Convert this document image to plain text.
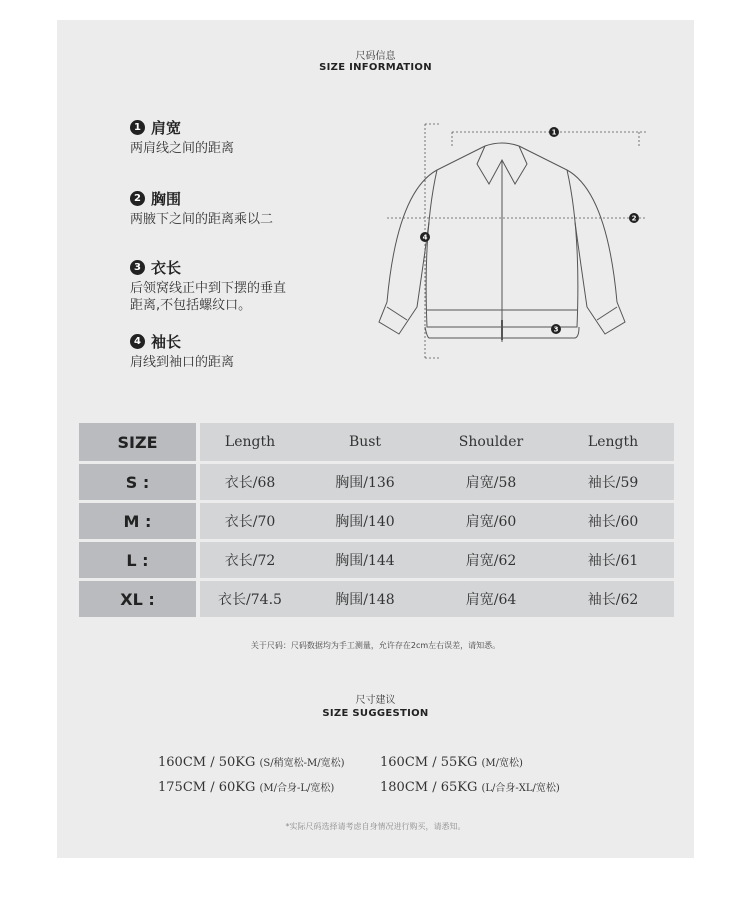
尺码信息
SIZE INFORMATION
1 肩宽
两肩线之间的距离
2 胸围
两腋下之间的距离乘以二
3 衣长
后领窝线正中到下摆的垂直
距离,不包括螺纹口。
4 袖长
肩线到袖口的距离
1
2
3
4
SIZE		Length	Bust	Shoulder	Length
S :		衣长/68	胸围/136	肩宽/58	袖长/59
M :		衣长/70	胸围/140	肩宽/60	袖长/60
L :		衣长/72	胸围/144	肩宽/62	袖长/61
XL :		衣长/74.5	胸围/148	肩宽/64	袖长/62
关于尺码：尺码数据均为手工测量，允许存在2cm左右误差，请知悉。
尺寸建议
SIZE SUGGESTION
160CM / 50KG (S/稍宽松-M/宽松)	160CM / 55KG (M/宽松)
175CM / 60KG (M/合身-L/宽松)	180CM / 65KG (L/合身-XL/宽松)
*实际尺码选择请考虑自身情况进行购买，请悉知。
